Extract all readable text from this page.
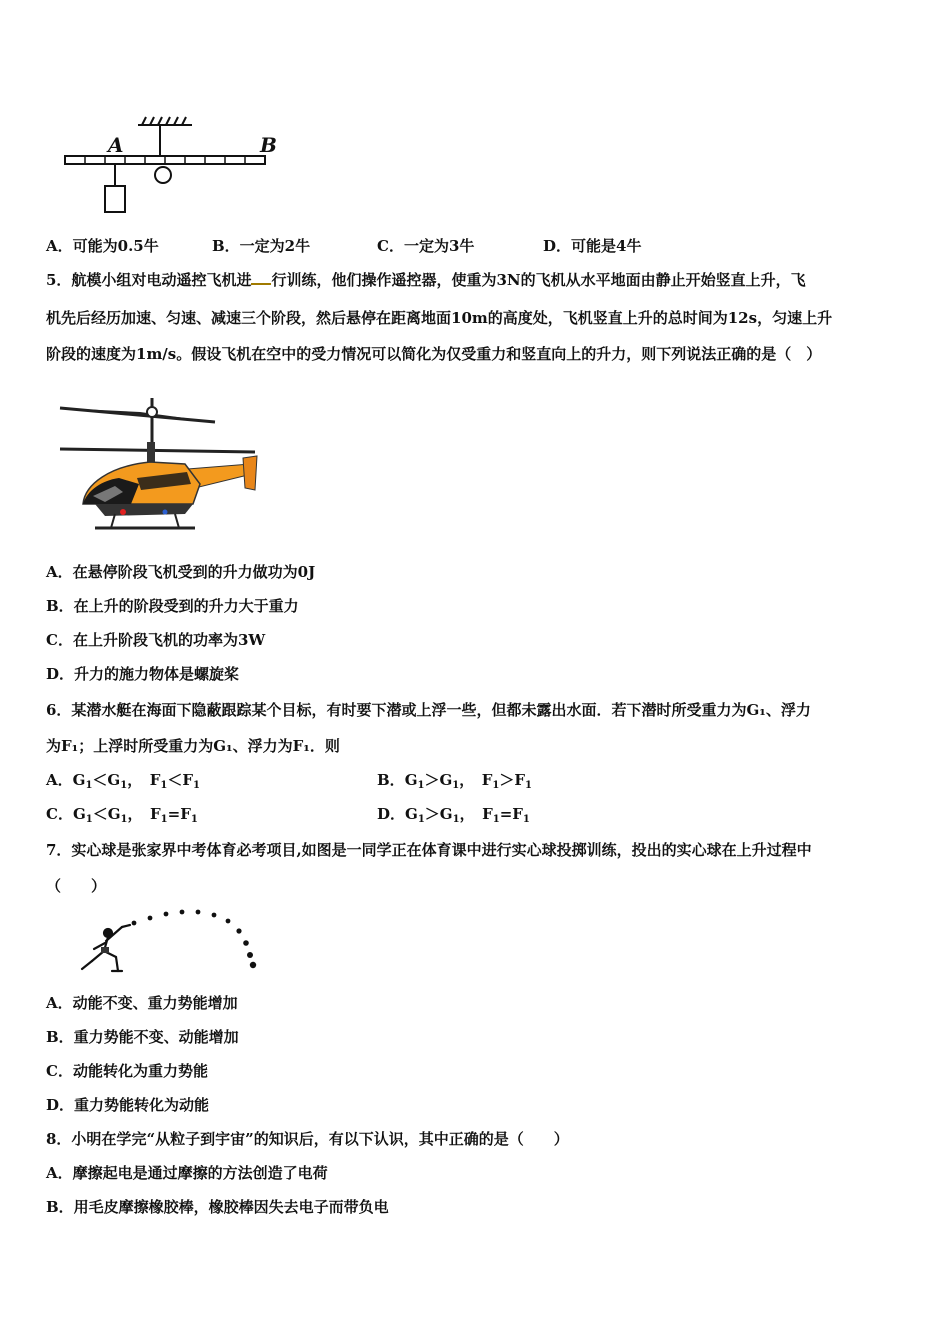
A	B
A．可能为0.5牛	B．一定为2牛	C．一定为3牛	D．可能是4牛
5．航模小组对电动遥控飞机进 行训练，他们操作遥控器，使重为3N的飞机从水平地面由静止开始竖直上升，飞
机先后经历加速、匀速、减速三个阶段，然后悬停在距离地面10m的高度处，飞机竖直上升的总时间为12s，匀速上升
阶段的速度为1m/s。假设飞机在空中的受力情况可以简化为仅受重力和竖直向上的升力，则下列说法正确的是（　）
A．在悬停阶段飞机受到的升力做功为0J
B．在上升的阶段受到的升力大于重力
C．在上升阶段飞机的功率为3W
D．升力的施力物体是螺旋桨
6．某潜水艇在海面下隐蔽跟踪某个目标，有时要下潜或上浮一些，但都未露出水面．若下潜时所受重力为G₁、浮力
为F₁；上浮时所受重力为G₁、浮力为F₁．则
A．$G_1<G_1$，　$F_1<F_1$	B．$G_1>G_1$，　$F_1>F_1$
C．$G_1<G_1$，　$F_1=F_1$	D．$G_1>G_1$，　$F_1=F_1$
7．实心球是张家界中考体育必考项目,如图是一同学正在体育课中进行实心球投掷训练，投出的实心球在上升过程中
（　　）
A．动能不变、重力势能增加
B．重力势能不变、动能增加
C．动能转化为重力势能
D．重力势能转化为动能
8．小明在学完“从粒子到宇宙”的知识后，有以下认识，其中正确的是（　　）
A．摩擦起电是通过摩擦的方法创造了电荷
B．用毛皮摩擦橡胶棒，橡胶棒因失去电子而带负电
